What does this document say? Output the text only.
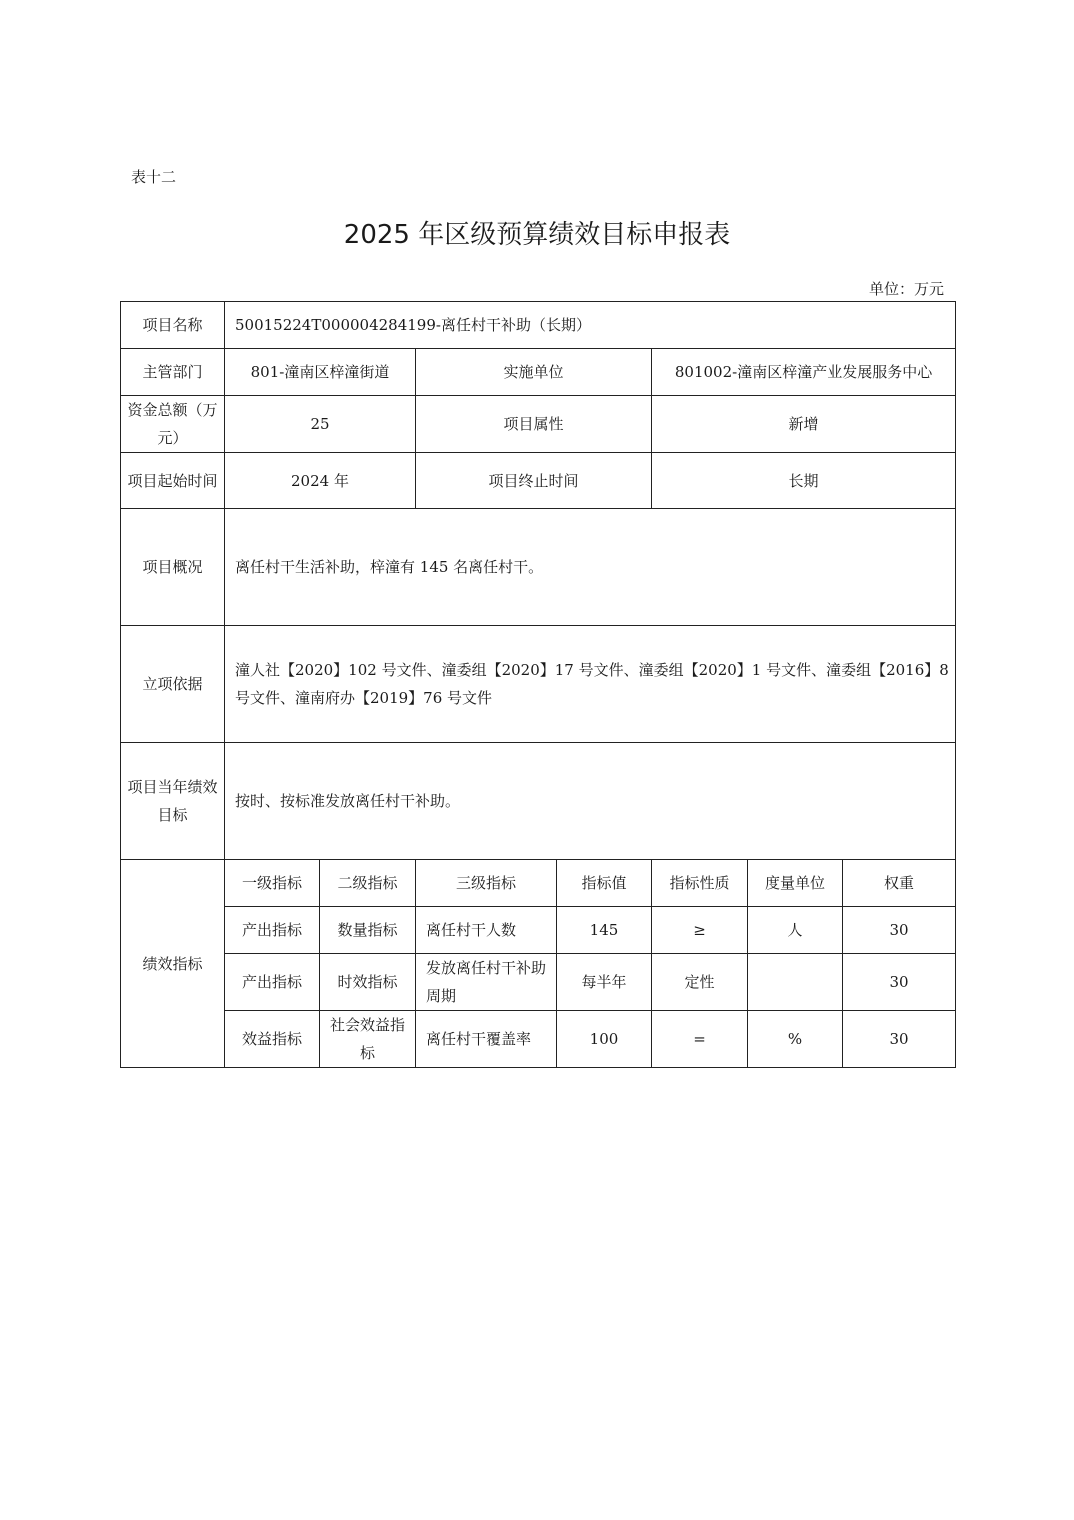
表十二
2025 年区级预算绩效目标申报表
单位：万元
项目名称	50015224T000004284199-离任村干补助（长期）						
主管部门	801-潼南区梓潼街道		实施单位		801002-潼南区梓潼产业发展服务中心		
资金总额（万元）	25		项目属性		新增		
项目起始时间	2024 年		项目终止时间		长期		
项目概况	离任村干生活补助，梓潼有 145 名离任村干。						
立项依据	潼人社【2020】102 号文件、潼委组【2020】17 号文件、潼委组【2020】1 号文件、潼委组【2016】8 号文件、潼南府办【2019】76 号文件						
项目当年绩效目标	按时、按标准发放离任村干补助。						
绩效指标	一级指标	二级指标	三级指标	指标值	指标性质	度量单位	权重
	产出指标	数量指标	离任村干人数	145	≥	人	30
	产出指标	时效指标	发放离任村干补助周期	每半年	定性		30
	效益指标	社会效益指标	离任村干覆盖率	100	=	%	30
